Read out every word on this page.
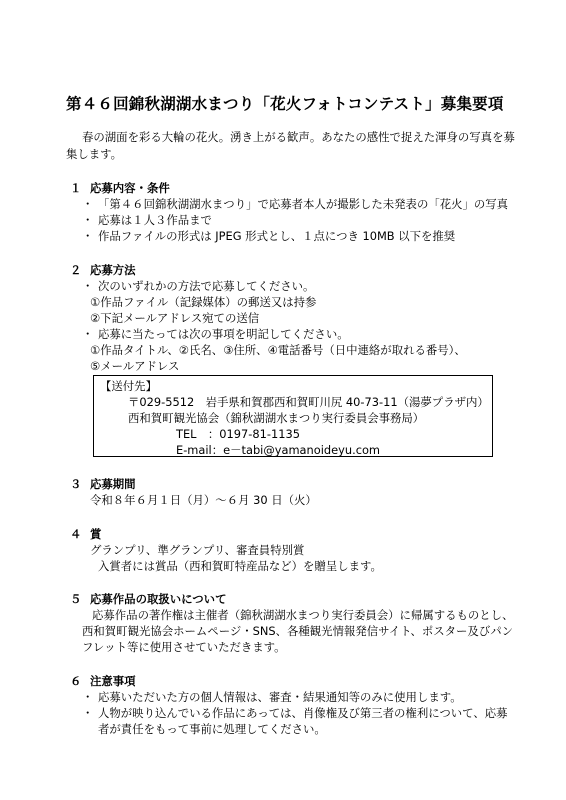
第４６回錦秋湖湖水まつり「花火フォトコンテスト」募集要項
春の湖面を彩る大輪の花火。湧き上がる歓声。あなたの感性で捉えた渾身の写真を募
集します。
１ 応募内容・条件
・ 「第４６回錦秋湖湖水まつり」で応募者本人が撮影した未発表の「花火」の写真
・ 応募は１人３作品まで
・ 作品ファイルの形式は JPEG 形式とし、１点につき 10MB 以下を推奨
２ 応募方法
・ 次のいずれかの方法で応募してください。
①作品ファイル（記録媒体）の郵送又は持参
②下記メールアドレス宛ての送信
・ 応募に当たっては次の事項を明記してください。
①作品タイトル、②氏名、③住所、④電話番号（日中連絡が取れる番号）、
⑤メールアドレス
【送付先】
〒029-5512　岩手県和賀郡西和賀町川尻 40-73-11（湯夢プラザ内）
西和賀町観光協会（錦秋湖湖水まつり実行委員会事務局）
TEL　：0197-81-1135
E-mail：e－tabi@yamanoideyu.com
３ 応募期間
令和８年６月１日（月）～６月 30 日（火）
４ 賞
グランプリ、準グランプリ、審査員特別賞
入賞者には賞品（西和賀町特産品など）を贈呈します。
５ 応募作品の取扱いについて
応募作品の著作権は主催者（錦秋湖湖水まつり実行委員会）に帰属するものとし、
西和賀町観光協会ホームページ・SNS、各種観光情報発信サイト、ポスター及びパン
フレット等に使用させていただきます。
６ 注意事項
・ 応募いただいた方の個人情報は、審査・結果通知等のみに使用します。
・ 人物が映り込んでいる作品にあっては、肖像権及び第三者の権利について、応募
者が責任をもって事前に処理してください。
